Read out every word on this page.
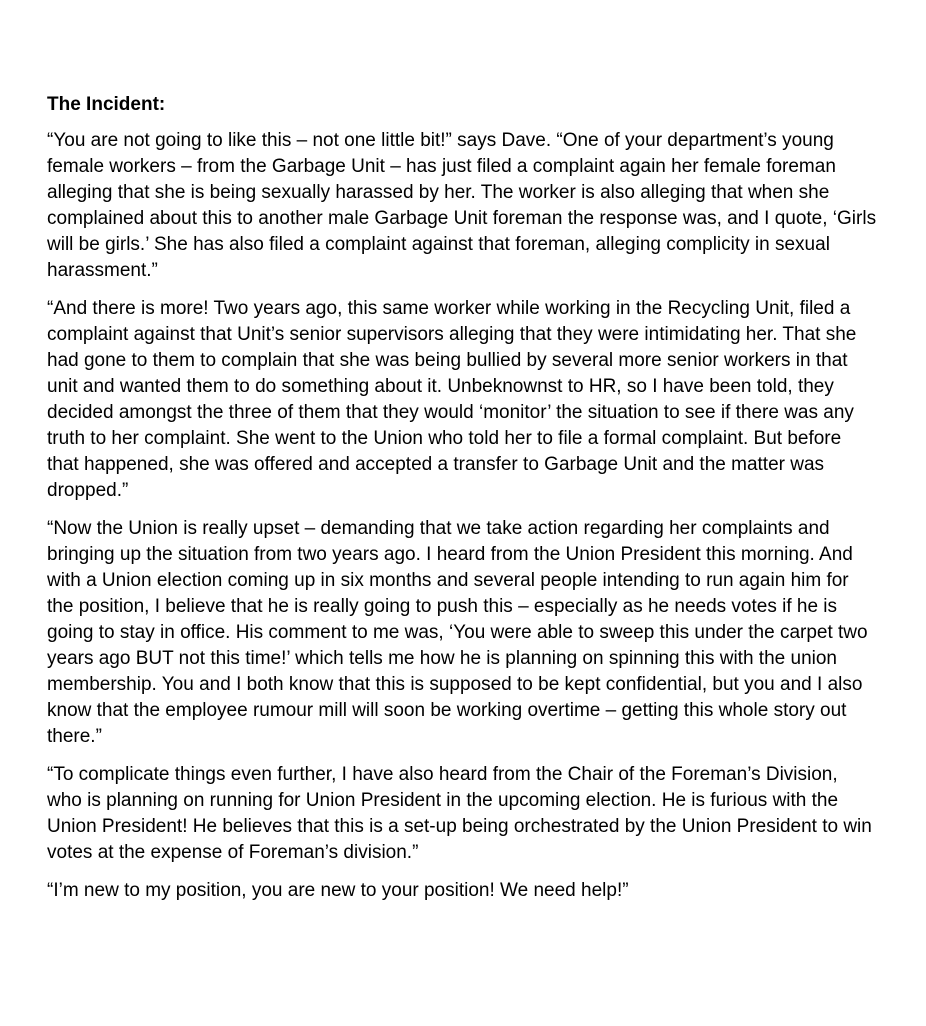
The Incident:

“You are not going to like this – not one little bit!” says Dave. “One of your department’s young female workers – from the Garbage Unit – has just filed a complaint again her female foreman alleging that she is being sexually harassed by her. The worker is also alleging that when she complained about this to another male Garbage Unit foreman the response was, and I quote, ‘Girls will be girls.’ She has also filed a complaint against that foreman, alleging complicity in sexual harassment.”

“And there is more! Two years ago, this same worker while working in the Recycling Unit, filed a complaint against that Unit’s senior supervisors alleging that they were intimidating her. That she had gone to them to complain that she was being bullied by several more senior workers in that unit and wanted them to do something about it. Unbeknownst to HR, so I have been told, they decided amongst the three of them that they would ‘monitor’ the situation to see if there was any truth to her complaint. She went to the Union who told her to file a formal complaint. But before that happened, she was offered and accepted a transfer to Garbage Unit and the matter was dropped.”

“Now the Union is really upset – demanding that we take action regarding her complaints and bringing up the situation from two years ago. I heard from the Union President this morning. And with a Union election coming up in six months and several people intending to run again him for the position, I believe that he is really going to push this – especially as he needs votes if he is going to stay in office. His comment to me was, ‘You were able to sweep this under the carpet two years ago BUT not this time!’ which tells me how he is planning on spinning this with the union membership. You and I both know that this is supposed to be kept confidential, but you and I also know that the employee rumour mill will soon be working overtime – getting this whole story out there.”

“To complicate things even further, I have also heard from the Chair of the Foreman’s Division, who is planning on running for Union President in the upcoming election. He is furious with the Union President! He believes that this is a set-up being orchestrated by the Union President to win votes at the expense of Foreman’s division.”

“I’m new to my position, you are new to your position! We need help!”
